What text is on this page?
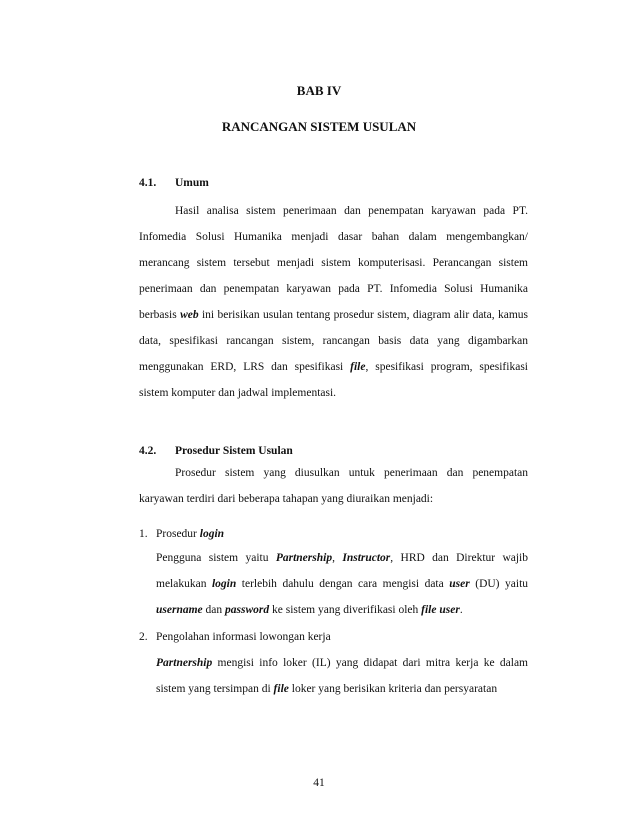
BAB IV
RANCANGAN SISTEM USULAN
4.1. Umum
Hasil analisa sistem penerimaan dan penempatan karyawan pada PT. Infomedia Solusi Humanika menjadi dasar bahan dalam mengembangkan/ merancang sistem tersebut menjadi sistem komputerisasi. Perancangan sistem penerimaan dan penempatan karyawan pada PT. Infomedia Solusi Humanika berbasis web ini berisikan usulan tentang prosedur sistem, diagram alir data, kamus data, spesifikasi rancangan sistem, rancangan basis data yang digambarkan menggunakan ERD, LRS dan spesifikasi file, spesifikasi program, spesifikasi sistem komputer dan jadwal implementasi.
4.2. Prosedur Sistem Usulan
Prosedur sistem yang diusulkan untuk penerimaan dan penempatan karyawan terdiri dari beberapa tahapan yang diuraikan menjadi:
1. Prosedur login
Pengguna sistem yaitu Partnership, Instructor, HRD dan Direktur wajib melakukan login terlebih dahulu dengan cara mengisi data user (DU) yaitu username dan password ke sistem yang diverifikasi oleh file user.
2. Pengolahan informasi lowongan kerja
Partnership mengisi info loker (IL) yang didapat dari mitra kerja ke dalam sistem yang tersimpan di file loker yang berisikan kriteria dan persyaratan
41
